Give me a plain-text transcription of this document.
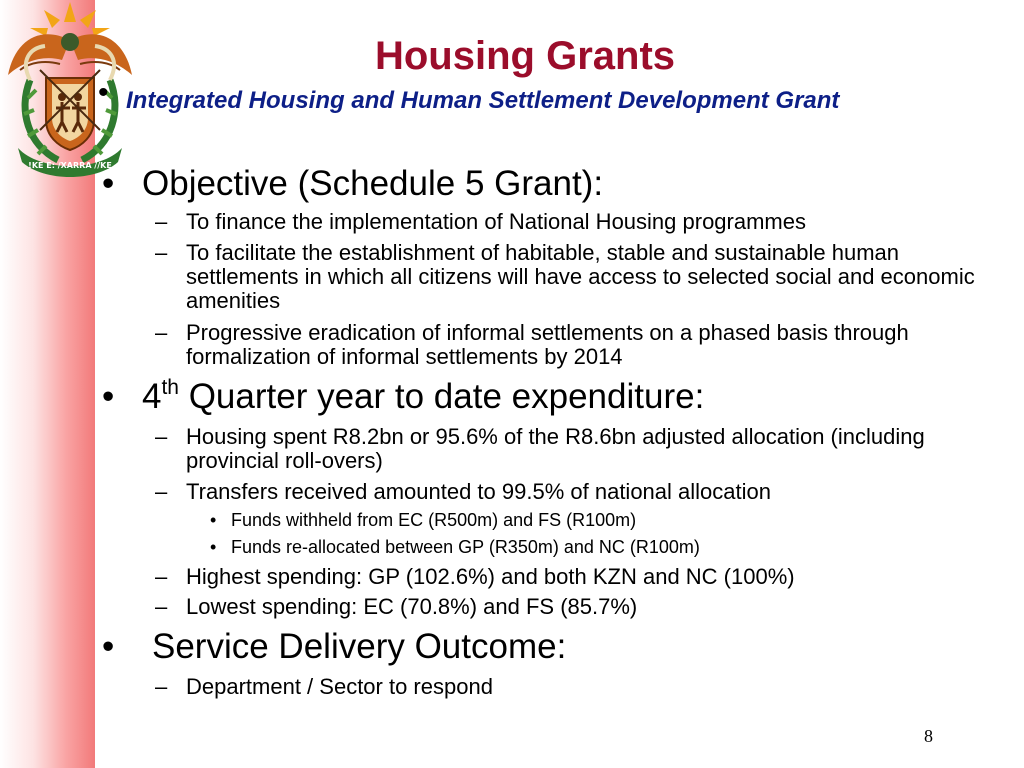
!KE E: /XARRA //KE
Housing Grants
• Integrated Housing and Human Settlement Development Grant

• Objective (Schedule 5 Grant):
– To finance the implementation of National Housing programmes
– To facilitate the establishment of habitable, stable and sustainable human settlements in which all citizens will have access to selected social and economic amenities
– Progressive eradication of informal settlements on a phased basis through formalization of informal settlements by 2014
• 4th Quarter year to date expenditure:
– Housing spent R8.2bn or 95.6% of the R8.6bn adjusted allocation (including provincial roll-overs)
– Transfers received amounted to 99.5% of national allocation
• Funds withheld from EC (R500m) and FS (R100m)
• Funds re-allocated between GP (R350m) and NC (R100m)
– Highest spending: GP (102.6%) and both KZN and NC (100%)
– Lowest spending: EC (70.8%) and FS (85.7%)
• Service Delivery Outcome:
– Department / Sector to respond
8
